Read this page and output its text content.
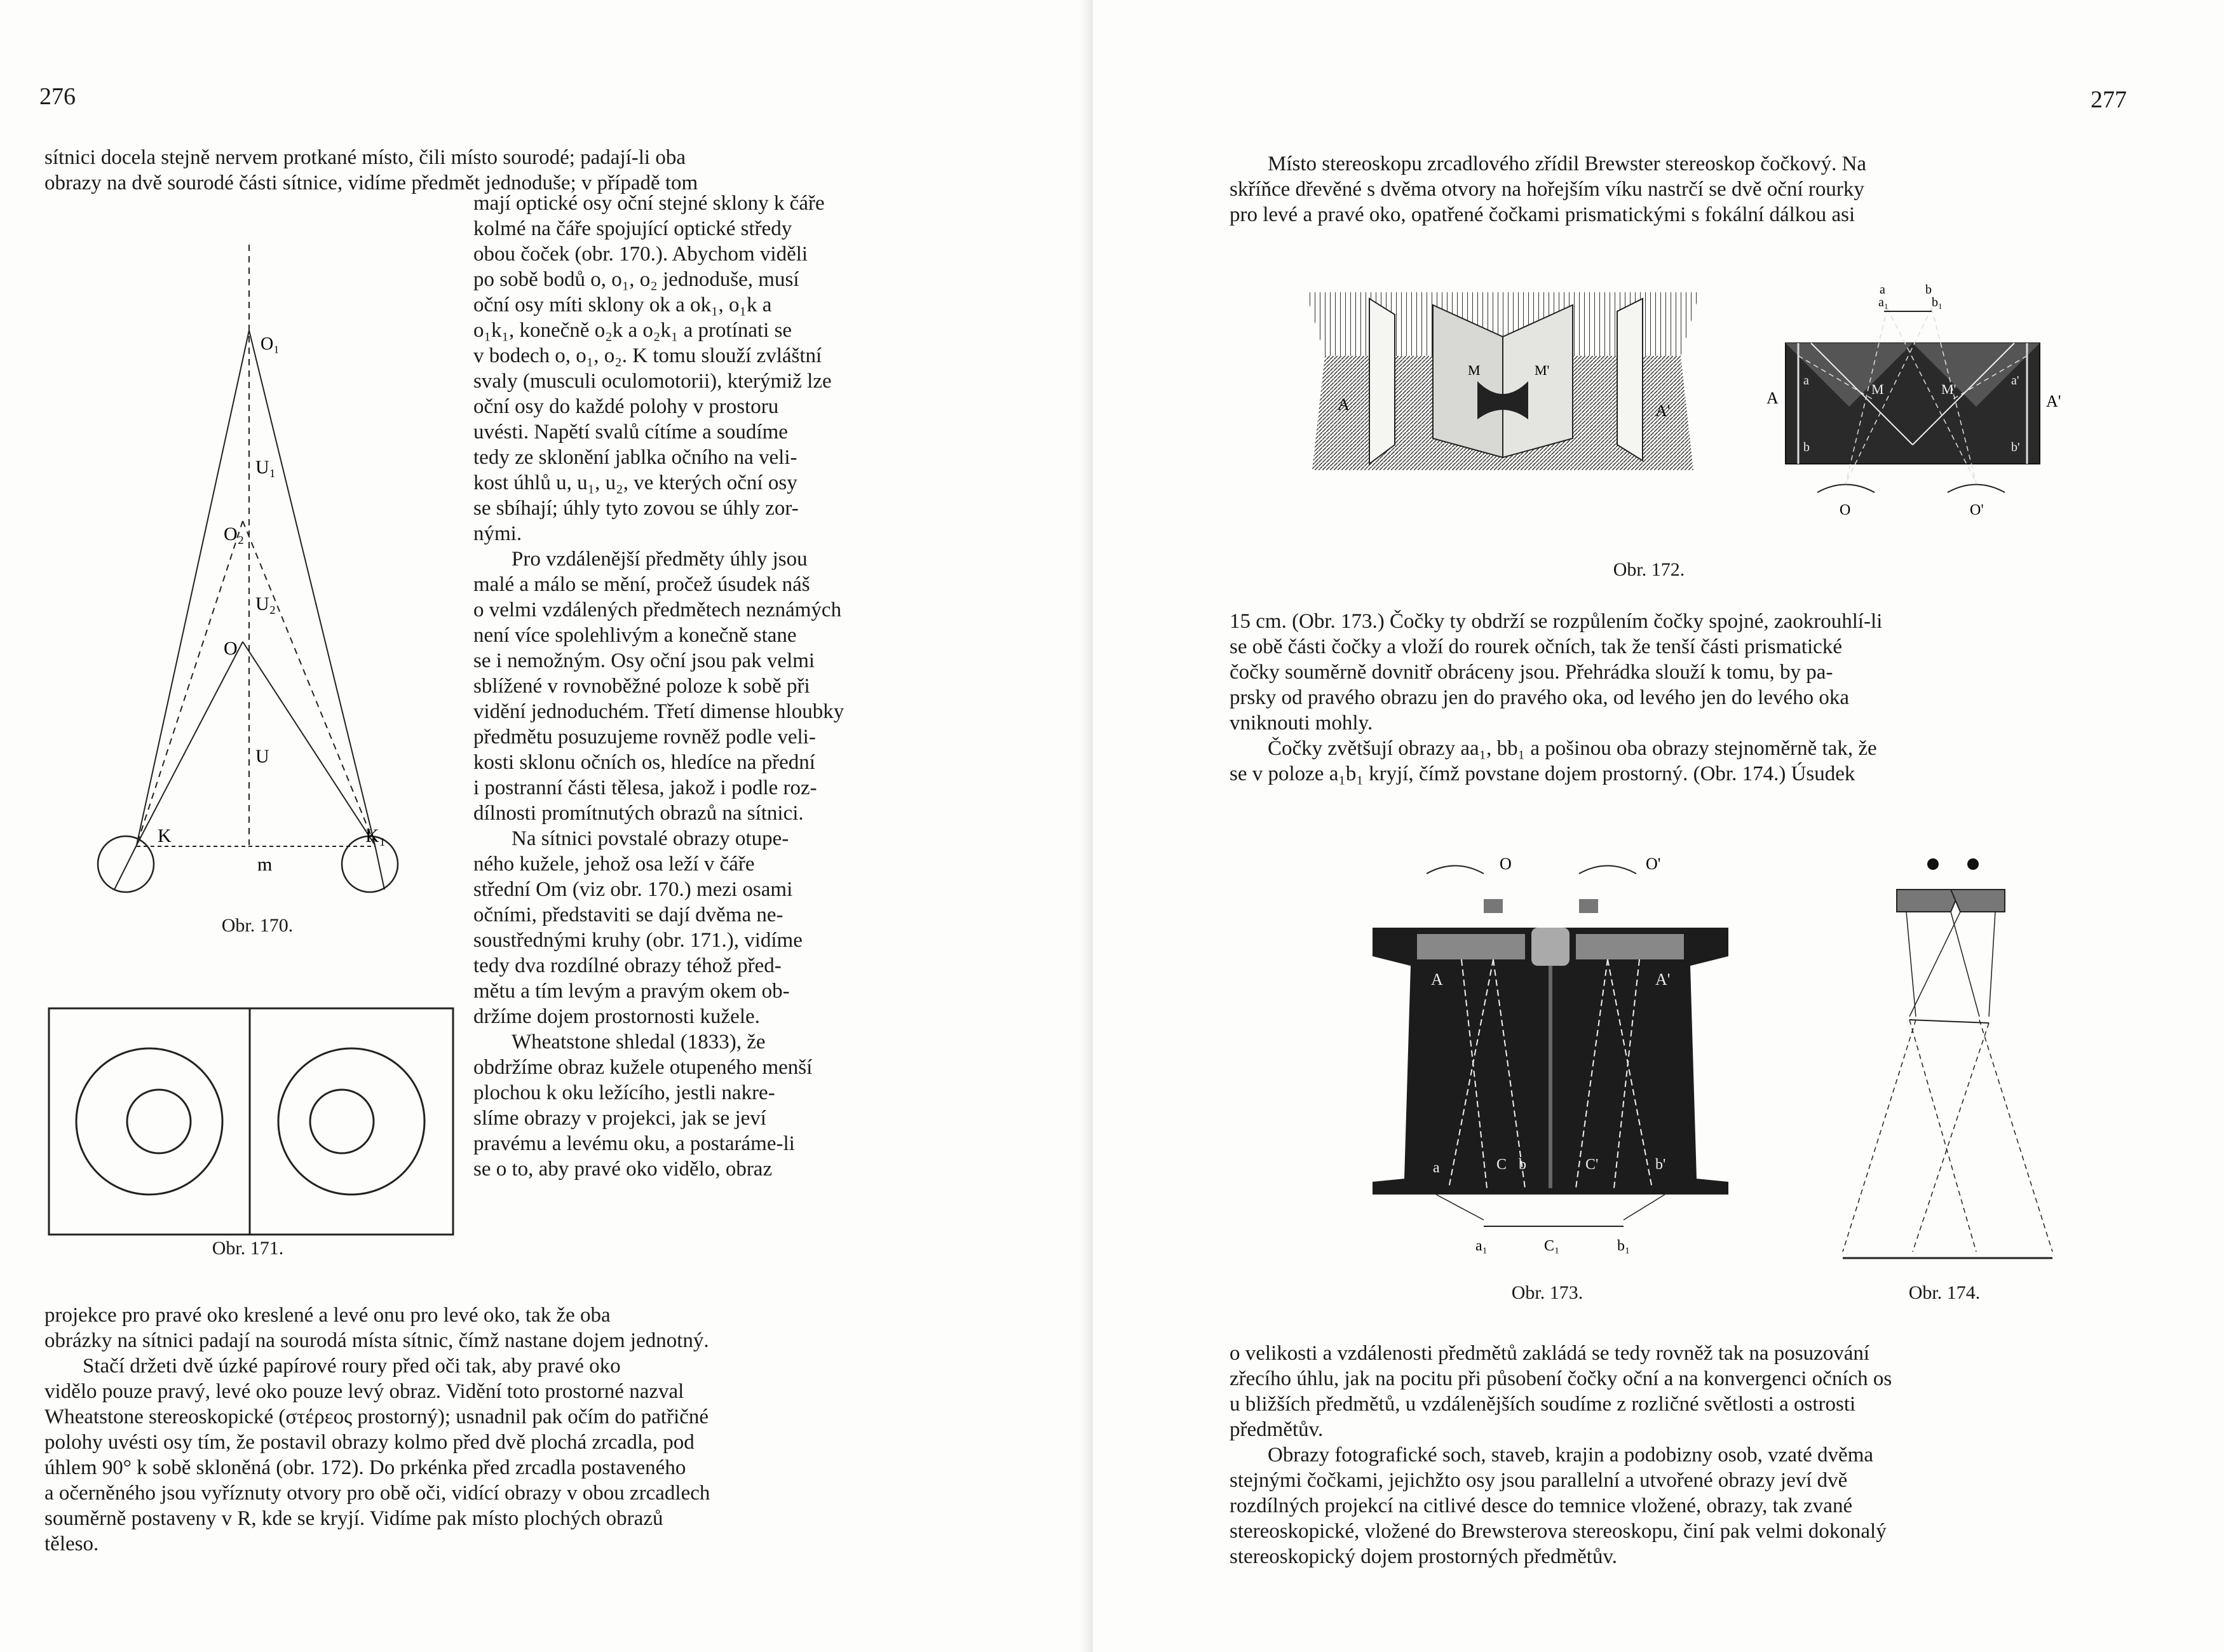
276
sítnici docela stejně nervem protkané místo, čili místo sourodé; padají-li oba
obrazy na dvě sourodé části sítnice, vidíme předmět jednoduše; v případě tom
O₁
U₁
O₂
U₂
O
U
K	K₁
m
Obr. 170.
Obr. 171.
mají optické osy oční stejné sklony k čáře
kolmé na čáře spojující optické středy
obou čoček (obr. 170.). Abychom viděli
po sobě bodů o, o₁, o₂ jednoduše, musí
oční osy míti sklony ok a ok₁, o₁k a
o₁k₁, konečně o₂k a o₂k₁ a protínati se
v bodech o, o₁, o₂. K tomu slouží zvláštní
svaly (musculi oculomotorii), kterýmiž lze
oční osy do každé polohy v prostoru
uvésti. Napětí svalů cítíme a soudíme
tedy ze sklonění jablka očního na veli-
kost úhlů u, u₁, u₂, ve kterých oční osy
se sbíhají; úhly tyto zovou se úhly zor-
nými.
Pro vzdálenější předměty úhly jsou
malé a málo se mění, pročež úsudek náš
o velmi vzdálených předmětech neznámých
není více spolehlivým a konečně stane
se i nemožným. Osy oční jsou pak velmi
sblížené v rovnoběžné poloze k sobě při
vidění jednoduchém. Třetí dimense hloubky
předmětu posuzujeme rovněž podle veli-
kosti sklonu očních os, hledíce na přední
i postranní části tělesa, jakož i podle roz-
dílnosti promítnutých obrazů na sítnici.
Na sítnici povstalé obrazy otupe-
ného kužele, jehož osa leží v čáře
střední Om (viz obr. 170.) mezi osami
očními, představiti se dají dvěma ne-
soustřednými kruhy (obr. 171.), vidíme
tedy dva rozdílné obrazy téhož před-
mětu a tím levým a pravým okem ob-
držíme dojem prostornosti kužele.
Wheatstone shledal (1833), že
obdržíme obraz kužele otupeného menší
plochou k oku ležícího, jestli nakre-
slíme obrazy v projekci, jak se jeví
pravému a levému oku, a postaráme-li
se o to, aby pravé oko vidělo, obraz
projekce pro pravé oko kreslené a levé onu pro levé oko, tak že oba
obrázky na sítnici padají na sourodá místa sítnic, čímž nastane dojem jednotný.
Stačí držeti dvě úzké papírové roury před oči tak, aby pravé oko
vidělo pouze pravý, levé oko pouze levý obraz. Vidění toto prostorné nazval
Wheatstone stereoskopické (στέρεος prostorný); usnadnil pak očím do patřičné
polohy uvésti osy tím, že postavil obrazy kolmo před dvě plochá zrcadla, pod
úhlem 90° k sobě skloněná (obr. 172). Do prkénka před zrcadla postaveného
a očerněného jsou vyříznuty otvory pro obě oči, vidící obrazy v obou zrcadlech
souměrně postaveny v R, kde se kryjí. Vidíme pak místo plochých obrazů
těleso.
277
Místo stereoskopu zrcadlového zřídil Brewster stereoskop čočkový. Na
skříňce dřevěné s dvěma otvory na hořejším víku nastrčí se dvě oční rourky
pro levé a pravé oko, opatřené čočkami prismatickými s fokální dálkou asi
A	A'
M	M'
A	A'
M	M'
a
a₁
b
b₁
a
b
a'
b'
O	O'
Obr. 172.
15 cm. (Obr. 173.) Čočky ty obdrží se rozpůlením čočky spojné, zaokrouhlí-li
se obě části čočky a vloží do rourek očních, tak že tenší části prismatické
čočky souměrně dovnitř obráceny jsou. Přehrádka slouží k tomu, by pa-
prsky od pravého obrazu jen do pravého oka, od levého jen do levého oka
vniknouti mohly.
Čočky zvětšují obrazy aa₁, bb₁ a pošinou oba obrazy stejnoměrně tak, že
se v poloze a₁b₁ kryjí, čímž povstane dojem prostorný. (Obr. 174.) Úsudek
O	O'
A	A'
a	b'
C	C'
b
a₁	C₁	b₁
Obr. 173.	Obr. 174.
o velikosti a vzdálenosti předmětů zakládá se tedy rovněž tak na posuzování
zřecího úhlu, jak na pocitu při působení čočky oční a na konvergenci očních os
u bližších předmětů, u vzdálenějších soudíme z rozličné světlosti a ostrosti
předmětův.
Obrazy fotografické soch, staveb, krajin a podobizny osob, vzaté dvěma
stejnými čočkami, jejichžto osy jsou parallelní a utvořené obrazy jeví dvě
rozdílných projekcí na citlivé desce do temnice vložené, obrazy, tak zvané
stereoskopické, vložené do Brewsterova stereoskopu, činí pak velmi dokonalý
stereoskopický dojem prostorných předmětův.
